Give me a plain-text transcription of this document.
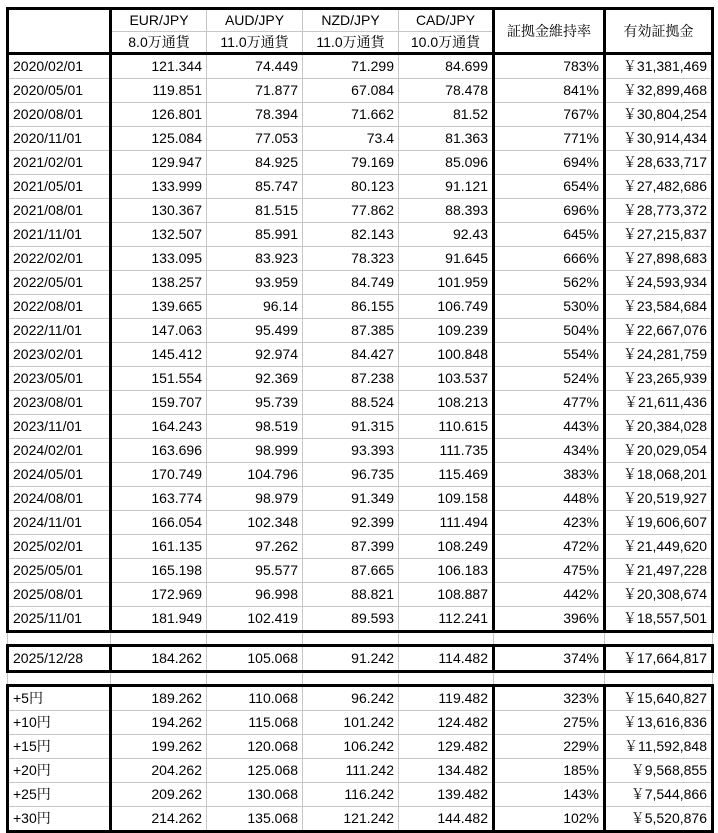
	EUR/JPY	AUD/JPY	NZD/JPY	CAD/JPY	証拠金維持率	有効証拠金
	8.0万通貨	11.0万通貨	11.0万通貨	10.0万通貨		
2020/02/01	121.344	74.449	71.299	84.699	783%	￥31,381,469
2020/05/01	119.851	71.877	67.084	78.478	841%	￥32,899,468
2020/08/01	126.801	78.394	71.662	81.52	767%	￥30,804,254
2020/11/01	125.084	77.053	73.4	81.363	771%	￥30,914,434
2021/02/01	129.947	84.925	79.169	85.096	694%	￥28,633,717
2021/05/01	133.999	85.747	80.123	91.121	654%	￥27,482,686
2021/08/01	130.367	81.515	77.862	88.393	696%	￥28,773,372
2021/11/01	132.507	85.991	82.143	92.43	645%	￥27,215,837
2022/02/01	133.095	83.923	78.323	91.645	666%	￥27,898,683
2022/05/01	138.257	93.959	84.749	101.959	562%	￥24,593,934
2022/08/01	139.665	96.14	86.155	106.749	530%	￥23,584,684
2022/11/01	147.063	95.499	87.385	109.239	504%	￥22,667,076
2023/02/01	145.412	92.974	84.427	100.848	554%	￥24,281,759
2023/05/01	151.554	92.369	87.238	103.537	524%	￥23,265,939
2023/08/01	159.707	95.739	88.524	108.213	477%	￥21,611,436
2023/11/01	164.243	98.519	91.315	110.615	443%	￥20,384,028
2024/02/01	163.696	98.999	93.393	111.735	434%	￥20,029,054
2024/05/01	170.749	104.796	96.735	115.469	383%	￥18,068,201
2024/08/01	163.774	98.979	91.349	109.158	448%	￥20,519,927
2024/11/01	166.054	102.348	92.399	111.494	423%	￥19,606,607
2025/02/01	161.135	97.262	87.399	108.249	472%	￥21,449,620
2025/05/01	165.198	95.577	87.665	106.183	475%	￥21,497,228
2025/08/01	172.969	96.998	88.821	108.887	442%	￥20,308,674
2025/11/01	181.949	102.419	89.593	112.241	396%	￥18,557,501

2025/12/28	184.262	105.068	91.242	114.482	374%	￥17,664,817

+5円	189.262	110.068	96.242	119.482	323%	￥15,640,827
+10円	194.262	115.068	101.242	124.482	275%	￥13,616,836
+15円	199.262	120.068	106.242	129.482	229%	￥11,592,848
+20円	204.262	125.068	111.242	134.482	185%	￥9,568,855
+25円	209.262	130.068	116.242	139.482	143%	￥7,544,866
+30円	214.262	135.068	121.242	144.482	102%	￥5,520,876
